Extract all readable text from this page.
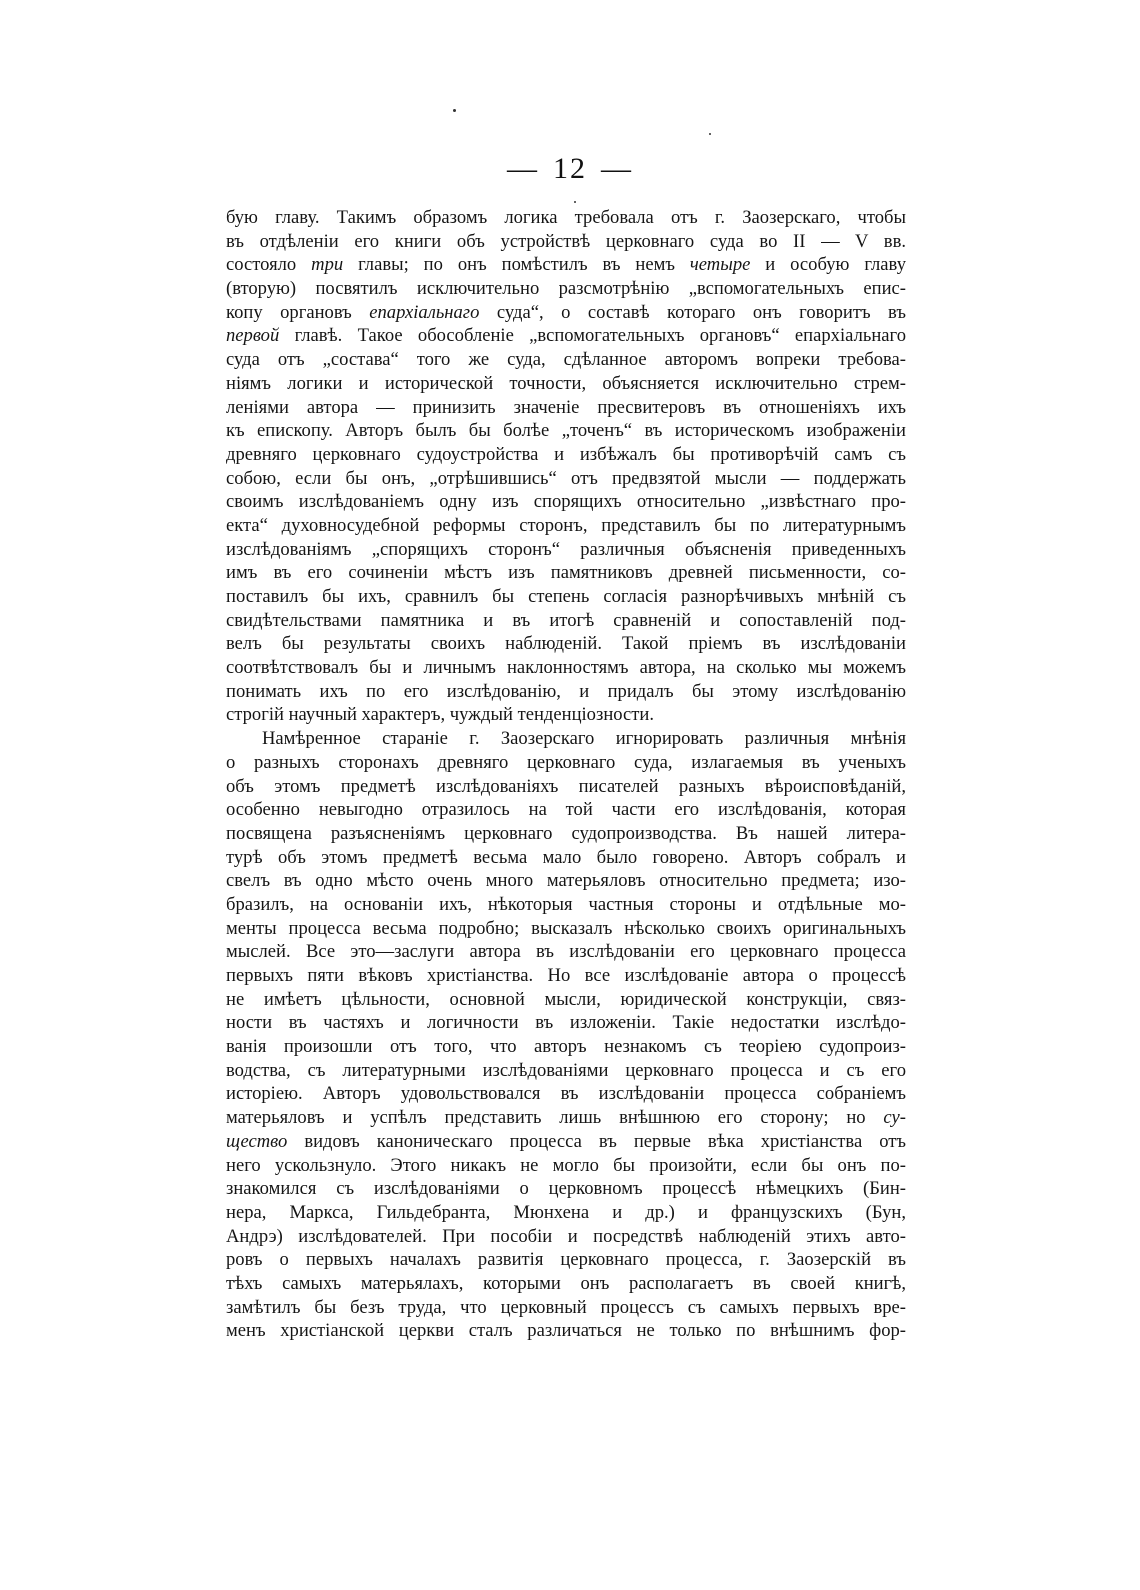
— 12 —
бую главу. Такимъ образомъ логика требовала отъ г. Заозерскаго, чтобы
въ отдѣленіи его книги объ устройствѣ церковнаго суда во II — V вв.
состояло три главы; по онъ помѣстилъ въ немъ четыре и особую главу
(вторую) посвятилъ исключительно разсмотрѣнію „вспомогательныхъ епис-
копу органовъ епархіальнаго суда“, о составѣ котораго онъ говоритъ въ
первой главѣ. Такое обособленіе „вспомогательныхъ органовъ“ епархіальнаго
суда отъ „состава“ того же суда, сдѣланное авторомъ вопреки требова-
ніямъ логики и исторической точности, объясняется исключительно стрем-
леніями автора — принизить значеніе пресвитеровъ въ отношеніяхъ ихъ
къ епископу. Авторъ былъ бы болѣе „точенъ“ въ историческомъ изображеніи
древняго церковнаго судоустройства и избѣжалъ бы противорѣчій самъ съ
собою, если бы онъ, „отрѣшившись“ отъ предвзятой мысли — поддержать
своимъ изслѣдованіемъ одну изъ спорящихъ относительно „извѣстнаго про-
екта“ духовносудебной реформы сторонъ, представилъ бы по литературнымъ
изслѣдованіямъ „спорящихъ сторонъ“ различныя объясненія приведенныхъ
имъ въ его сочиненіи мѣстъ изъ памятниковъ древней письменности, со-
поставилъ бы ихъ, сравнилъ бы степень согласія разнорѣчивыхъ мнѣній съ
свидѣтельствами памятника и въ итогѣ сравненій и сопоставленій под-
велъ бы результаты своихъ наблюденій. Такой пріемъ въ изслѣдованіи
соотвѣтствовалъ бы и личнымъ наклонностямъ автора, на сколько мы можемъ
понимать ихъ по его изслѣдованію, и придалъ бы этому изслѣдованію
строгій научный характеръ, чуждый тенденціозности.
Намѣренное стараніе г. Заозерскаго игнорировать различныя мнѣнія
о разныхъ сторонахъ древняго церковнаго суда, излагаемыя въ ученыхъ
объ этомъ предметѣ изслѣдованіяхъ писателей разныхъ вѣроисповѣданій,
особенно невыгодно отразилось на той части его изслѣдованія, которая
посвящена разъясненіямъ церковнаго судопроизводства. Въ нашей литера-
турѣ объ этомъ предметѣ весьма мало было говорено. Авторъ собралъ и
свелъ въ одно мѣсто очень много матерьяловъ относительно предмета; изо-
бразилъ, на основаніи ихъ, нѣкоторыя частныя стороны и отдѣльные мо-
менты процесса весьма подробно; высказалъ нѣсколько своихъ оригинальныхъ
мыслей. Все это—заслуги автора въ изслѣдованіи его церковнаго процесса
первыхъ пяти вѣковъ христіанства. Но все изслѣдованіе автора о процессѣ
не имѣетъ цѣльности, основной мысли, юридической конструкціи, связ-
ности въ частяхъ и логичности въ изложеніи. Такіе недостатки изслѣдо-
ванія произошли отъ того, что авторъ незнакомъ съ теоріею судопроиз-
водства, съ литературными изслѣдованіями церковнаго процесса и съ его
исторіею. Авторъ удовольствовался въ изслѣдованіи процесса собраніемъ
матерьяловъ и успѣлъ представить лишь внѣшнюю его сторону; но су-
щество видовъ каноническаго процесса въ первые вѣка христіанства отъ
него ускользнуло. Этого никакъ не могло бы произойти, если бы онъ по-
знакомился съ изслѣдованіями о церковномъ процессѣ нѣмецкихъ (Бин-
нера, Маркса, Гильдебранта, Мюнхена и др.) и французскихъ (Бун,
Андрэ) изслѣдователей. При пособіи и посредствѣ наблюденій этихъ авто-
ровъ о первыхъ началахъ развитія церковнаго процесса, г. Заозерскій въ
тѣхъ самыхъ матерьялахъ, которыми онъ располагаетъ въ своей книгѣ,
замѣтилъ бы безъ труда, что церковный процессъ съ самыхъ первыхъ вре-
менъ христіанской церкви сталъ различаться не только по внѣшнимъ фор-
